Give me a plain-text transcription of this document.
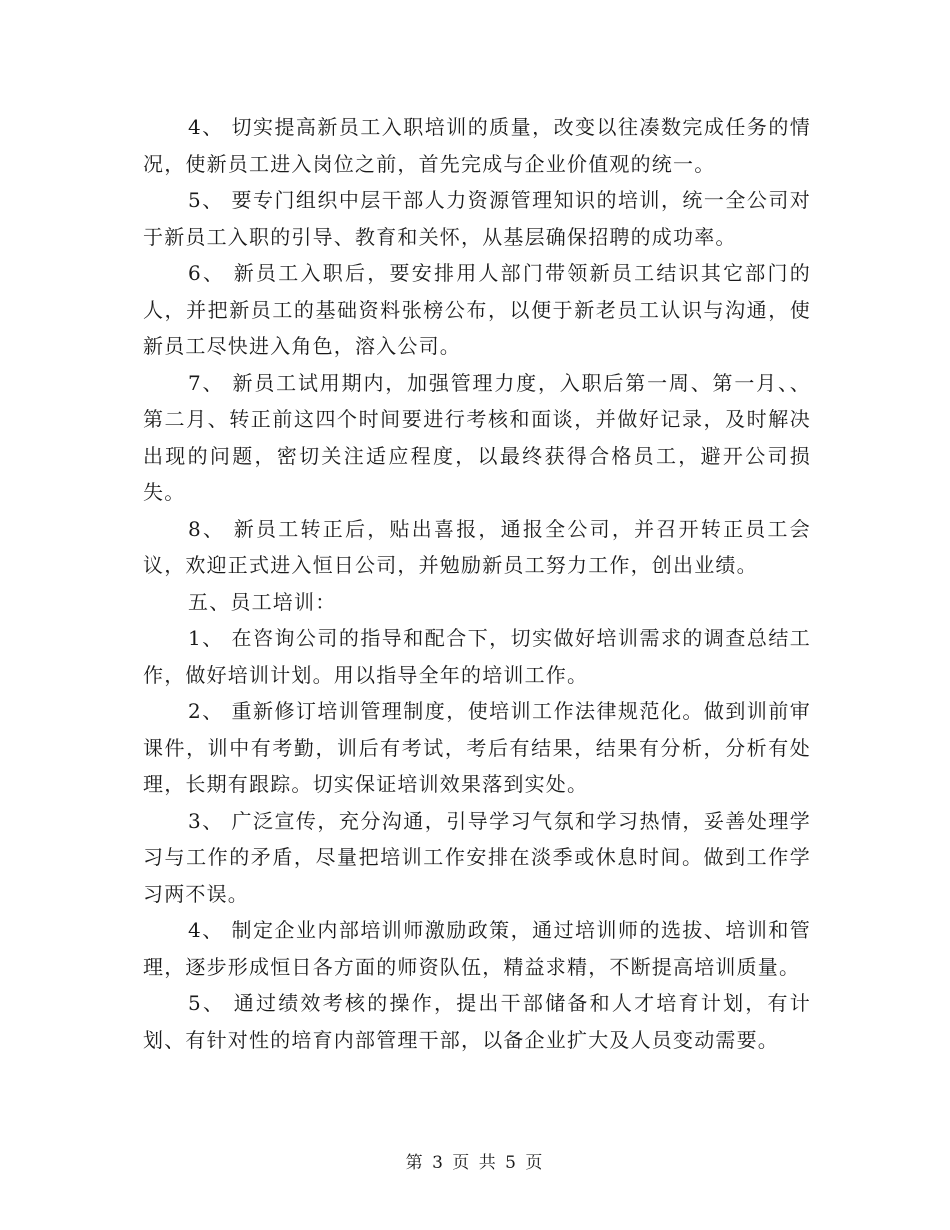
4、 切实提高新员工入职培训的质量，改变以往凑数完成任务的情况，使新员工进入岗位之前，首先完成与企业价值观的统一。

5、 要专门组织中层干部人力资源管理知识的培训，统一全公司对于新员工入职的引导、教育和关怀，从基层确保招聘的成功率。

6、 新员工入职后，要安排用人部门带领新员工结识其它部门的人，并把新员工的基础资料张榜公布，以便于新老员工认识与沟通，使新员工尽快进入角色，溶入公司。

7、 新员工试用期内，加强管理力度，入职后第一周、第一月、、第二月、转正前这四个时间要进行考核和面谈，并做好记录，及时解决出现的问题，密切关注适应程度，以最终获得合格员工，避开公司损失。

8、 新员工转正后，贴出喜报，通报全公司，并召开转正员工会议，欢迎正式进入恒日公司，并勉励新员工努力工作，创出业绩。

五、员工培训：

1、 在咨询公司的指导和配合下，切实做好培训需求的调查总结工作，做好培训计划。用以指导全年的培训工作。

2、 重新修订培训管理制度，使培训工作法律规范化。做到训前审课件，训中有考勤，训后有考试，考后有结果，结果有分析，分析有处理，长期有跟踪。切实保证培训效果落到实处。

3、 广泛宣传，充分沟通，引导学习气氛和学习热情，妥善处理学习与工作的矛盾，尽量把培训工作安排在淡季或休息时间。做到工作学习两不误。

4、 制定企业内部培训师激励政策，通过培训师的选拔、培训和管理，逐步形成恒日各方面的师资队伍，精益求精，不断提高培训质量。

5、 通过绩效考核的操作，提出干部储备和人才培育计划，有计划、有针对性的培育内部管理干部，以备企业扩大及人员变动需要。

第 3 页 共 5 页
